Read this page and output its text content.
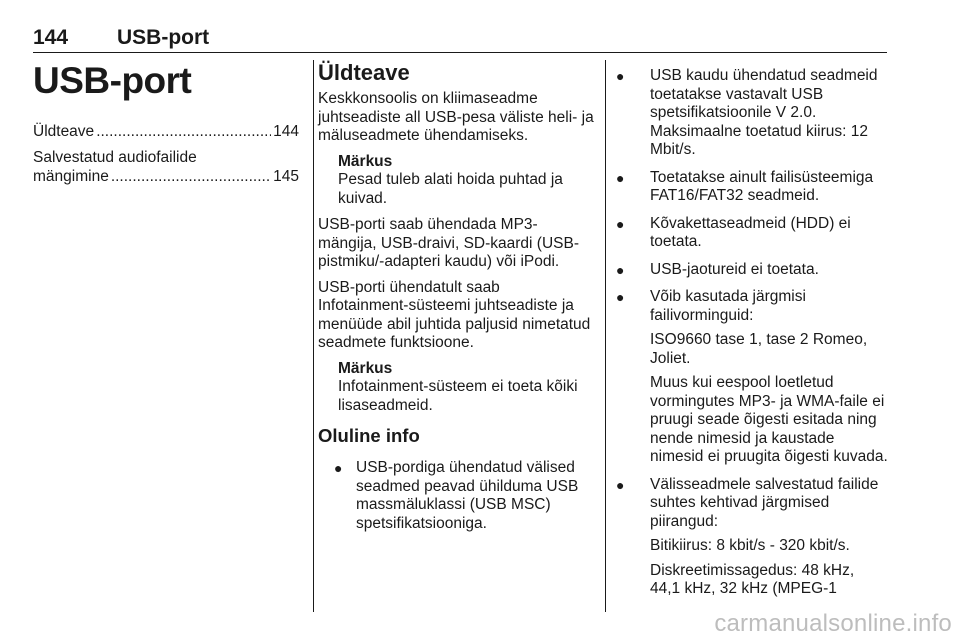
144 USB-port
USB-port
Üldteave .....	144
Salvestatud audiofailide
mängimine .....	145
Üldteave

Keskkonsoolis on kliimaseadme juhtseadiste all USB-pesa väliste heli- ja mäluseadmete ühendamiseks.

Märkus
Pesad tuleb alati hoida puhtad ja kuivad.

USB-porti saab ühendada MP3-mängija, USB-draivi, SD-kaardi (USB-pistmiku/-adapteri kaudu) või iPodi.

USB-porti ühendatult saab Infotainment-süsteemi juhtseadiste ja menüüde abil juhtida paljusid nimetatud seadmete funktsioone.

Märkus
Infotainment-süsteem ei toeta kõiki lisaseadmeid.
Oluline info
● USB-pordiga ühendatud välised seadmed peavad ühilduma USB massmäluklassi (USB MSC) spetsifikatsiooniga.
● USB kaudu ühendatud seadmeid toetatakse vastavalt USB spetsifikatsioonile V 2.0. Maksimaalne toetatud kiirus: 12 Mbit/s.
● Toetatakse ainult failisüsteemiga FAT16/FAT32 seadmeid.
● Kõvakettaseadmeid (HDD) ei toetata.
● USB-jaotureid ei toetata.
● Võib kasutada järgmisi failivorminguid:
ISO9660 tase 1, tase 2 Romeo, Joliet.
Muus kui eespool loetletud vormingutes MP3- ja WMA-faile ei pruugi seade õigesti esitada ning nende nimesid ja kaustade nimesid ei pruugita õigesti kuvada.
● Välisseadmele salvestatud failide suhtes kehtivad järgmised piirangud:
Bitikiirus: 8 kbit/s - 320 kbit/s.
Diskreetimissagedus: 48 kHz, 44,1 kHz, 32 kHz (MPEG-1
carmanualsonline.info
